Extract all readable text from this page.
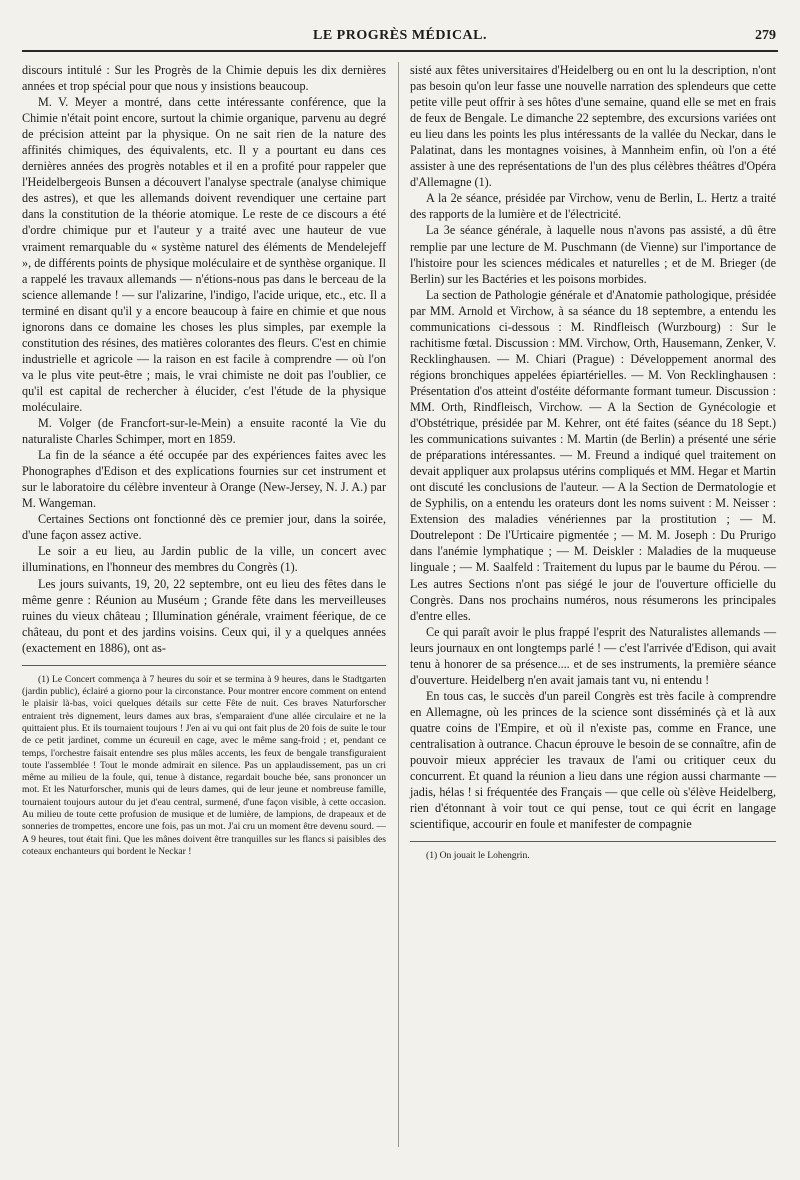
LE PROGRÈS MÉDICAL.	279

discours intitulé : Sur les Progrès de la Chimie depuis les dix dernières années et trop spécial pour que nous y insistions beaucoup.

M. V. Meyer a montré, dans cette intéressante conférence, que la Chimie n'était point encore, surtout la chimie organique, parvenu au degré de précision atteint par la physique. On ne sait rien de la nature des affinités chimiques, des équivalents, etc. Il y a pourtant eu dans ces dernières années des progrès notables et il en a profité pour rappeler que l'Heidelbergeois Bunsen a découvert l'analyse spectrale (analyse chimique des astres), et que les allemands doivent revendiquer une certaine part dans la constitution de la théorie atomique. Le reste de ce discours a été d'ordre chimique pur et l'auteur y a traité avec une hauteur de vue vraiment remarquable du « système naturel des éléments de Mendelejeff », de différents points de physique moléculaire et de synthèse organique. Il a rappelé les travaux allemands — n'étions-nous pas dans le berceau de la science allemande ! — sur l'alizarine, l'indigo, l'acide urique, etc., etc. Il a terminé en disant qu'il y a encore beaucoup à faire en chimie et que nous ignorons dans ce domaine les choses les plus simples, par exemple la constitution des résines, des matières colorantes des fleurs. C'est en chimie industrielle et agricole — la raison en est facile à comprendre — où l'on va le plus vite peut-être ; mais, le vrai chimiste ne doit pas l'oublier, ce qu'il est capital de rechercher à élucider, c'est l'étude de la physique moléculaire.

M. Volger (de Francfort-sur-le-Mein) a ensuite raconté la Vie du naturaliste Charles Schimper, mort en 1859.

La fin de la séance a été occupée par des expériences faites avec les Phonographes d'Edison et des explications fournies sur cet instrument et sur le laboratoire du célèbre inventeur à Orange (New-Jersey, N. J. A.) par M. Wangeman.

Certaines Sections ont fonctionné dès ce premier jour, dans la soirée, d'une façon assez active.

Le soir a eu lieu, au Jardin public de la ville, un concert avec illuminations, en l'honneur des membres du Congrès (1).

Les jours suivants, 19, 20, 22 septembre, ont eu lieu des fêtes dans le même genre : Réunion au Muséum ; Grande fête dans les merveilleuses ruines du vieux château ; Illumination générale, vraiment féerique, de ce château, du pont et des jardins voisins. Ceux qui, il y a quelques années (exactement en 1886), ont as-

(1) Le Concert commença à 7 heures du soir et se termina à 9 heures, dans le Stadtgarten (jardin public), éclairé a giorno pour la circonstance. Pour montrer encore comment on entend le plaisir là-bas, voici quelques détails sur cette Fête de nuit. Ces braves Naturforscher entraient très dignement, leurs dames aux bras, s'emparaient d'une allée circulaire et ne la quittaient plus. Et ils tournaient toujours ! J'en ai vu qui ont fait plus de 20 fois de suite le tour de ce petit jardinet, comme un écureuil en cage, avec le même sang-froid ; et, pendant ce temps, l'orchestre faisait entendre ses plus mâles accents, les feux de bengale transfiguraient toute l'assemblée ! Tout le monde admirait en silence. Pas un applaudissement, pas un cri même au milieu de la foule, qui, tenue à distance, regardait bouche bée, sans prononcer un mot. Et les Naturforscher, munis qui de leurs dames, qui de leur jeune et nombreuse famille, tournaient toujours autour du jet d'eau central, surmené, d'une façon visible, à cette occasion. Au milieu de toute cette profusion de musique et de lumière, de lampions, de drapeaux et de sonneries de trompettes, encore une fois, pas un mot. J'ai cru un moment être devenu sourd. — A 9 heures, tout était fini. Que les mânes doivent être tranquilles sur les flancs si paisibles des coteaux enchanteurs qui bordent le Neckar !

sisté aux fêtes universitaires d'Heidelberg ou en ont lu la description, n'ont pas besoin qu'on leur fasse une nouvelle narration des splendeurs que cette petite ville peut offrir à ses hôtes d'une semaine, quand elle se met en frais de feux de Bengale. Le dimanche 22 septembre, des excursions variées ont eu lieu dans les points les plus intéressants de la vallée du Neckar, dans le Palatinat, dans les montagnes voisines, à Mannheim enfin, où l'on a été assister à une des représentations de l'un des plus célèbres théâtres d'Opéra d'Allemagne (1).

A la 2e séance, présidée par Virchow, venu de Berlin, L. Hertz a traité des rapports de la lumière et de l'électricité.

La 3e séance générale, à laquelle nous n'avons pas assisté, a dû être remplie par une lecture de M. Puschmann (de Vienne) sur l'importance de l'histoire pour les sciences médicales et naturelles ; et de M. Brieger (de Berlin) sur les Bactéries et les poisons morbides.

La section de Pathologie générale et d'Anatomie pathologique, présidée par MM. Arnold et Virchow, à sa séance du 18 septembre, a entendu les communications ci-dessous : M. Rindfleisch (Wurzbourg) : Sur le rachitisme fœtal. Discussion : MM. Virchow, Orth, Hausemann, Zenker, V. Recklinghausen. — M. Chiari (Prague) : Développement anormal des régions bronchiques appelées épiartérielles. — M. Von Recklinghausen : Présentation d'os atteint d'ostéite déformante formant tumeur. Discussion : MM. Orth, Rindfleisch, Virchow. — A la Section de Gynécologie et d'Obstétrique, présidée par M. Kehrer, ont été faites (séance du 18 Sept.) les communications suivantes : M. Martin (de Berlin) a présenté une série de préparations intéressantes. — M. Freund a indiqué quel traitement on devait appliquer aux prolapsus utérins compliqués et MM. Hegar et Martin ont discuté les conclusions de l'auteur. — A la Section de Dermatologie et de Syphilis, on a entendu les orateurs dont les noms suivent : M. Neisser : Extension des maladies vénériennes par la prostitution ; — M. Doutrelepont : De l'Urticaire pigmentée ; — M. M. Joseph : Du Prurigo dans l'anémie lymphatique ; — M. Deiskler : Maladies de la muqueuse linguale ; — M. Saalfeld : Traitement du lupus par le baume du Pérou. — Les autres Sections n'ont pas siégé le jour de l'ouverture officielle du Congrès. Dans nos prochains numéros, nous résumerons les principales d'entre elles.

Ce qui paraît avoir le plus frappé l'esprit des Naturalistes allemands — leurs journaux en ont longtemps parlé ! — c'est l'arrivée d'Edison, qui avait tenu à honorer de sa présence.... et de ses instruments, la première séance d'ouverture. Heidelberg n'en avait jamais tant vu, ni entendu !

En tous cas, le succès d'un pareil Congrès est très facile à comprendre en Allemagne, où les princes de la science sont disséminés çà et là aux quatre coins de l'Empire, et où il n'existe pas, comme en France, une centralisation à outrance. Chacun éprouve le besoin de se connaître, afin de pouvoir mieux apprécier les travaux de l'ami ou critiquer ceux du concurrent. Et quand la réunion a lieu dans une région aussi charmante — jadis, hélas ! si fréquentée des Français — que celle où s'élève Heidelberg, rien d'étonnant à voir tout ce qui pense, tout ce qui écrit en langage scientifique, accourir en foule et manifester de compagnie

(1) On jouait le Lohengrin.
